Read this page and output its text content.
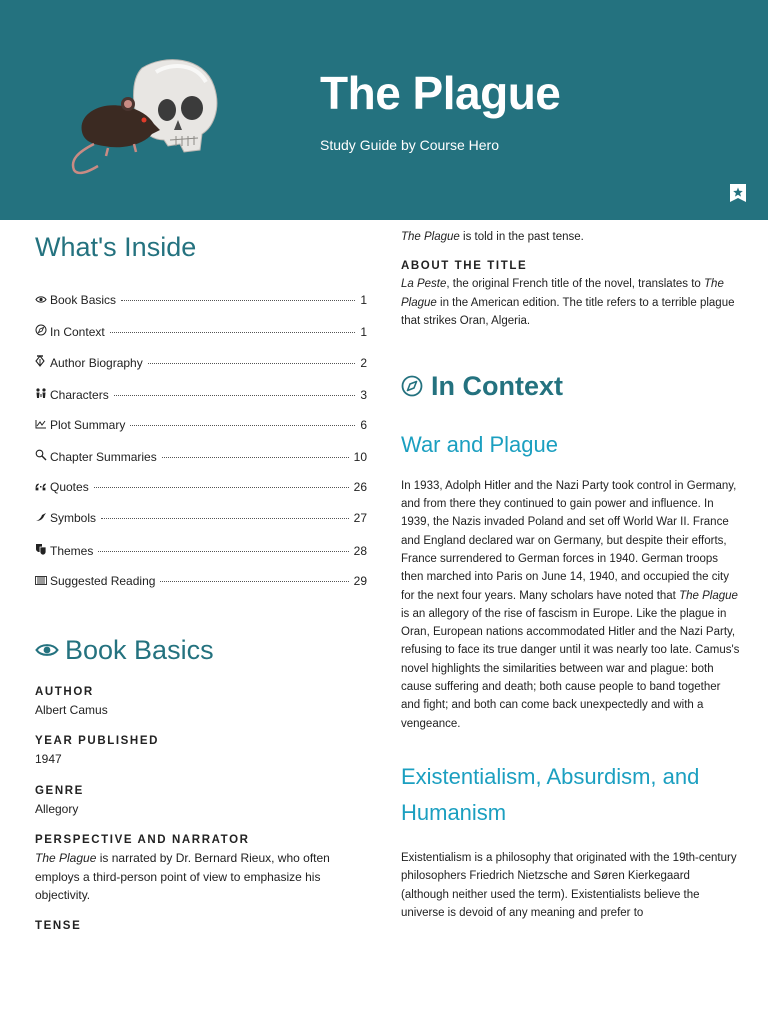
The Plague
Study Guide by Course Hero
What's Inside
Book Basics	1
In Context	1
Author Biography	2
Characters	3
Plot Summary	6
Chapter Summaries	10
Quotes	26
Symbols	27
Themes	28
Suggested Reading	29
Book Basics
AUTHOR
Albert Camus
YEAR PUBLISHED
1947
GENRE
Allegory
PERSPECTIVE AND NARRATOR
The Plague is narrated by Dr. Bernard Rieux, who often employs a third-person point of view to emphasize his objectivity.
TENSE
The Plague is told in the past tense.
ABOUT THE TITLE
La Peste, the original French title of the novel, translates to The Plague in the American edition. The title refers to a terrible plague that strikes Oran, Algeria.
In Context
War and Plague

In 1933, Adolph Hitler and the Nazi Party took control in Germany, and from there they continued to gain power and influence. In 1939, the Nazis invaded Poland and set off World War II. France and England declared war on Germany, but despite their efforts, France surrendered to German forces in 1940. German troops then marched into Paris on June 14, 1940, and occupied the city for the next four years. Many scholars have noted that The Plague is an allegory of the rise of fascism in Europe. Like the plague in Oran, European nations accommodated Hitler and the Nazi Party, refusing to face its true danger until it was nearly too late. Camus's novel highlights the similarities between war and plague: both cause suffering and death; both cause people to band together and fight; and both can come back unexpectedly and with a vengeance.

Existentialism, Absurdism, and Humanism

Existentialism is a philosophy that originated with the 19th-century philosophers Friedrich Nietzsche and Søren Kierkegaard (although neither used the term). Existentialists believe the universe is devoid of any meaning and prefer to
